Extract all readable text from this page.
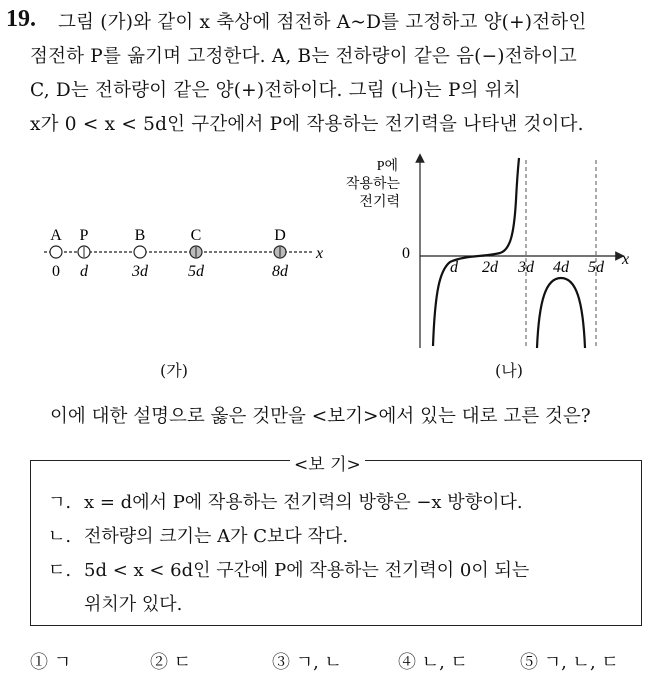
19. 그림 (가)와 같이 x 축상에 점전하 A~D를 고정하고 양(+)전하인
점전하 P를 옮기며 고정한다. A, B는 전하량이 같은 음(−)전하이고
C, D는 전하량이 같은 양(+)전하이다. 그림 (나)는 P의 위치
x가 0 < x < 5d인 구간에서 P에 작용하는 전기력을 나타낸 것이다.
A
0
P
d
B
3d
C
5d
D
8d
x
(가)
P에
작용하는
전기력
0
d 2d 3d 4d 5d x
(나)
이에 대한 설명으로 옳은 것만을 <보기>에서 있는 대로 고른 것은?
<보 기>
ㄱ. x = d에서 P에 작용하는 전기력의 방향은 −x 방향이다.
ㄴ. 전하량의 크기는 A가 C보다 작다.
ㄷ. 5d < x < 6d인 구간에 P에 작용하는 전기력이 0이 되는
위치가 있다.
① ㄱ	② ㄷ	③ ㄱ, ㄴ	④ ㄴ, ㄷ	⑤ ㄱ, ㄴ, ㄷ
